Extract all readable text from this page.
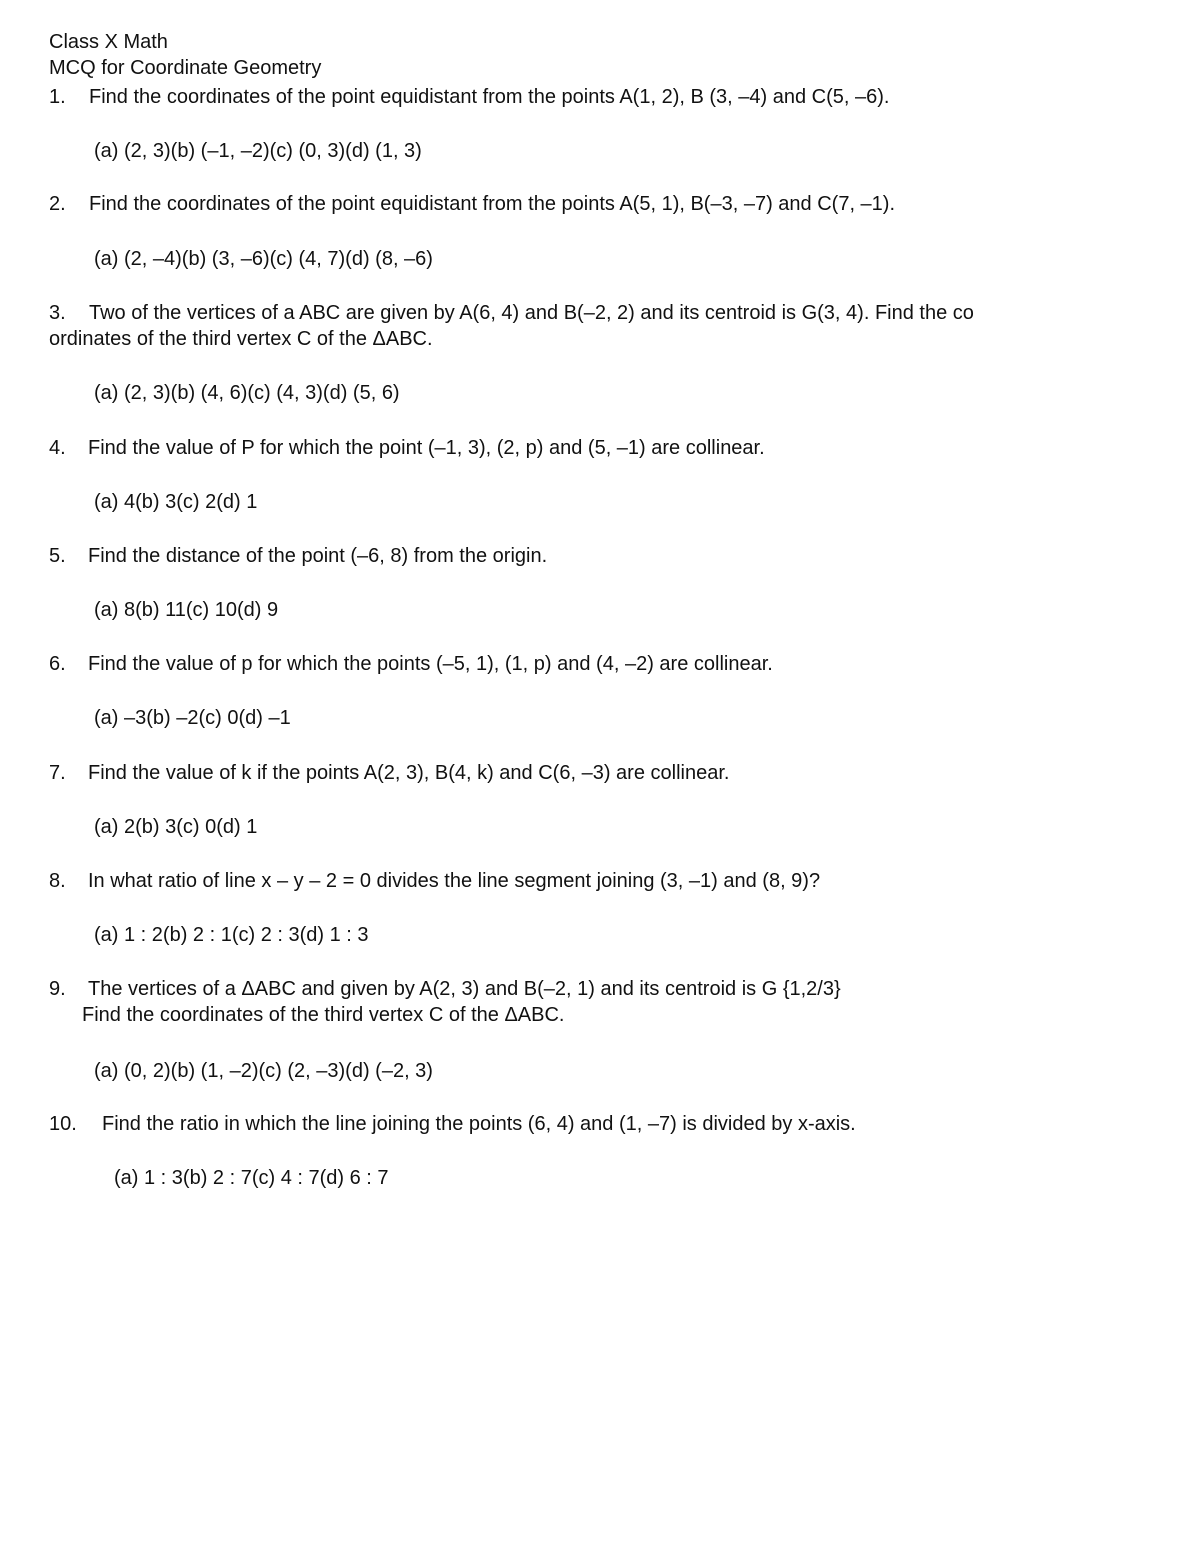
Class X Math
MCQ for Coordinate Geometry
1. Find the coordinates of the point equidistant from the points A(1, 2), B (3, –4) and C(5, –6).
(a) (2, 3)(b) (–1, –2)(c) (0, 3)(d) (1, 3)
2. Find the coordinates of the point equidistant from the points A(5, 1), B(–3, –7) and C(7, –1).
(a) (2, –4)(b) (3, –6)(c) (4, 7)(d) (8, –6)
3. Two of the vertices of a ABC are given by A(6, 4) and B(–2, 2) and its centroid is G(3, 4). Find the co
ordinates of the third vertex C of the ΔABC.
(a) (2, 3)(b) (4, 6)(c) (4, 3)(d) (5, 6)
4. Find the value of P for which the point (–1, 3), (2, p) and (5, –1) are collinear.
(a) 4(b) 3(c) 2(d) 1
5. Find the distance of the point (–6, 8) from the origin.
(a) 8(b) 11(c) 10(d) 9
6. Find the value of p for which the points (–5, 1), (1, p) and (4, –2) are collinear.
(a) –3(b) –2(c) 0(d) –1
7. Find the value of k if the points A(2, 3), B(4, k) and C(6, –3) are collinear.
(a) 2(b) 3(c) 0(d) 1
8. In what ratio of line x – y – 2 = 0 divides the line segment joining (3, –1) and (8, 9)?
(a) 1 : 2(b) 2 : 1(c) 2 : 3(d) 1 : 3
9. The vertices of a ΔABC and given by A(2, 3) and B(–2, 1) and its centroid is G {1,2/3}
Find the coordinates of the third vertex C of the ΔABC.
(a) (0, 2)(b) (1, –2)(c) (2, –3)(d) (–2, 3)
10. Find the ratio in which the line joining the points (6, 4) and (1, –7) is divided by x-axis.
(a) 1 : 3(b) 2 : 7(c) 4 : 7(d) 6 : 7
